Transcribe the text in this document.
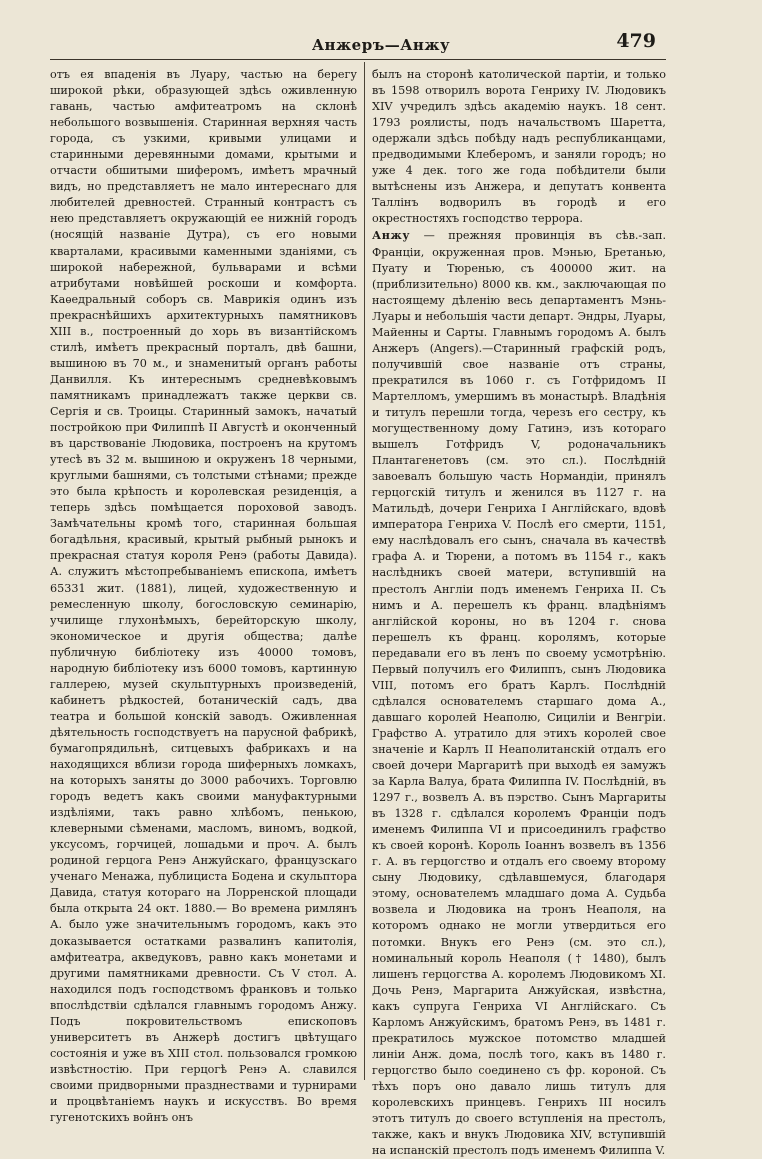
Анжеръ—Анжу	479

отъ ея впаденія въ Луару, частью на берегу широкой рѣки, образующей здѣсь оживленную гавань, частью амфитеатромъ на склонѣ небольшого возвышенія. Старинная верхняя часть города, съ узкими, кривыми улицами и старинными деревянными домами, крытыми и отчасти обшитыми шиферомъ, имѣетъ мрачный видъ, но представляетъ не мало интереснаго для любителей древностей. Странный контрастъ съ нею представляетъ окружающій ее нижній городъ (носящій названіе Дутра), съ его новыми кварталами, красивыми каменными зданіями, съ широкой набережной, бульварами и всѣми атрибутами новѣйшей роскоши и комфорта. Каѳедральный соборъ св. Маврикія одинъ изъ прекраснѣйшихъ архитектурныхъ памятниковъ XIII в., построенный до хорь въ византійскомъ стилѣ, имѣетъ прекрасный порталъ, двѣ башни, вышиною въ 70 м., и знаменитый органъ работы Данвилля. Къ интереснымъ средневѣковымъ памятникамъ принадлежатъ также церкви св. Сергія и св. Троицы. Старинный замокъ, начатый постройкою при Филиппѣ II Августѣ и оконченный въ царствованіе Людовика, построенъ на крутомъ утесѣ въ 32 м. вышиною и окруженъ 18 черными, круглыми башнями, съ толстыми стѣнами; прежде это была крѣпость и королевская резиденція, а теперь здѣсь помѣщается пороховой заводъ. Замѣчательны кромѣ того, старинная большая богадѣльня, красивый, крытый рыбный рынокъ и прекрасная статуя короля Ренэ (работы Давида). А. служитъ мѣстопребываніемъ епископа, имѣетъ 65331 жит. (1881), лицей, художественную и ремесленную школу, богословскую семинарію, училище глухонѣмыхъ, берейторскую школу, экономическое и другія общества; далѣе публичную библіотеку изъ 40000 томовъ, народную библіотеку изъ 6000 томовъ, картинную галлерею, музей скульптурныхъ произведеній, кабинетъ рѣдкостей, ботаническій садъ, два театра и большой конскій заводъ. Оживленная дѣятельность господствуетъ на парусной фабрикѣ, бумагопрядильнѣ, ситцевыхъ фабрикахъ и на находящихся вблизи города шиферныхъ ломкахъ, на которыхъ заняты до 3000 рабочихъ. Торговлю городъ ведетъ какъ своими мануфактурными издѣліями, такъ равно хлѣбомъ, пенькою, клеверными сѣменами, масломъ, виномъ, водкой, уксусомъ, горчицей, лошадьми и проч. А. былъ родиной герцога Ренэ Анжуйскаго, французскаго ученаго Менажа, публициста Бодена и скульптора Давида, статуя котораго на Лорренской площади была открыта 24 окт. 1880.— Во времена римлянъ А. было уже значительнымъ городомъ, какъ это доказывается остатками развалинъ капитолія, амфитеатра, акведуковъ, равно какъ монетами и другими памятниками древности. Съ V стол. А. находился подъ господствомъ франковъ и только впослѣдствіи сдѣлался главнымъ городомъ Анжу. Подъ покровительствомъ епископовъ университетъ въ Анжерѣ достигъ цвѣтущаго состоянія и уже въ XIII стол. пользовался громкою извѣстностію. При герцогѣ Ренэ А. славился своими придворными празднествами и турнирами и процвѣтаніемъ наукъ и искусствъ. Во время гугенотскихъ войнъ онъ

былъ на сторонѣ католической партіи, и только въ 1598 отворилъ ворота Генриху IV. Людовикъ XIV учредилъ здѣсь академію наукъ. 18 сент. 1793 роялисты, подъ начальствомъ Шаретта, одержали здѣсь побѣду надъ республиканцами, предводимыми Клеберомъ, и заняли городъ; но уже 4 дек. того же года побѣдители были вытѣснены изъ Анжера, и депутатъ конвента Таллінъ водворилъ въ городѣ и его окрестностяхъ господство террора.

Анжу — прежняя провинція въ сѣв.-зап. Франціи, окруженная пров. Мэнью, Бретанью, Пуату и Тюренью, съ 400000 жит. на (приблизительно) 8000 кв. км., заключающая по настоящему дѣленію весь департаментъ Мэнь-Луары и небольшія части департ. Эндры, Луары, Майенны и Сарты. Главнымъ городомъ А. былъ Анжеръ (Angers).—Старинный графскій родъ, получившій свое названіе отъ страны, прекратился въ 1060 г. съ Готфридомъ II Мартелломъ, умершимъ въ монастырѣ. Владѣнія и титулъ перешли тогда, черезъ его сестру, къ могущественному дому Гатинэ, изъ котораго вышелъ Готфридъ V, родоначальникъ Плантагенетовъ (см. это сл.). Послѣдній завоевалъ большую часть Нормандіи, принялъ герцогскій титулъ и женился въ 1127 г. на Матильдѣ, дочери Генриха I Англійскаго, вдовѣ императора Генриха V. Послѣ его смерти, 1151, ему наслѣдовалъ его сынъ, сначала въ качествѣ графа А. и Тюрени, а потомъ въ 1154 г., какъ наслѣдникъ своей матери, вступившій на престолъ Англіи подъ именемъ Генриха II. Съ нимъ и А. перешелъ къ франц. владѣніямъ англійской короны, но въ 1204 г. снова перешелъ къ франц. королямъ, которые передавали его въ ленъ по своему усмотрѣнію. Первый получилъ его Филиппъ, сынъ Людовика VIII, потомъ его братъ Карлъ. Послѣдній сдѣлался основателемъ старшаго дома А., давшаго королей Неаполю, Сициліи и Венгріи. Графство А. утратило для этихъ королей свое значеніе и Карлъ II Неаполитанскій отдалъ его своей дочери Маргаритѣ при выходѣ ея замужъ за Карла Валуа, брата Филиппа IV. Послѣдній, въ 1297 г., возвелъ А. въ пэрство. Сынъ Маргариты въ 1328 г. сдѣлался королемъ Франціи подъ именемъ Филиппа VI и присоединилъ графство къ своей коронѣ. Король Іоаннъ возвелъ въ 1356 г. А. въ герцогство и отдалъ его своему второму сыну Людовику, сдѣлавшемуся, благодаря этому, основателемъ младшаго дома А. Судьба возвела и Людовика на тронъ Неаполя, на которомъ однако не могли утвердиться его потомки. Внукъ его Ренэ (см. это сл.), номинальный король Неаполя († 1480), былъ лишенъ герцогства А. королемъ Людовикомъ XI. Дочь Ренэ, Маргарита Анжуйская, извѣстна, какъ супруга Генриха VI Англійскаго. Съ Карломъ Анжуйскимъ, братомъ Ренэ, въ 1481 г. прекратилось мужское потомство младшей линіи Анж. дома, послѣ того, какъ въ 1480 г. герцогство было соединено съ фр. короной. Съ тѣхъ поръ оно давало лишь титулъ для королевскихъ принцевъ. Генрихъ III носилъ этотъ титулъ до своего вступленія на престолъ, также, какъ и внукъ Людовика XIV, вступившій на испанскій престолъ подъ именемъ Филиппа V.
